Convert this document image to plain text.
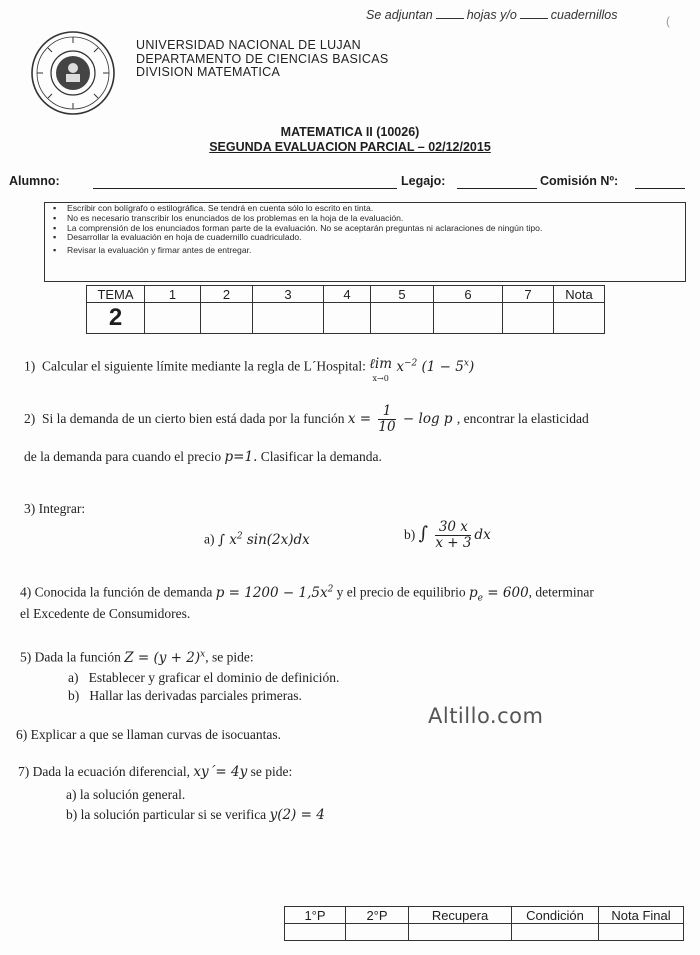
Se adjuntan	hojas y/o	cuadernillos	(
UNIVERSIDAD NACIONAL DE LUJAN
DEPARTAMENTO DE CIENCIAS BASICAS
DIVISION MATEMATICA
MATEMATICA II (10026)
SEGUNDA EVALUACION PARCIAL – 02/12/2015
Alumno:	Legajo:	Comisión Nº:
▪ Escribir con bolígrafo o estilográfica. Se tendrá en cuenta sólo lo escrito en tinta.
▪ No es necesario transcribir los enunciados de los problemas en la hoja de la evaluación.
▪ La comprensión de los enunciados forman parte de la evaluación. No se aceptarán preguntas ni aclaraciones de ningún tipo.
▪ Desarrollar la evaluación en hoja de cuadernillo cuadriculado.
▪ Revisar la evaluación y firmar antes de entregar.
TEMA	1	2	3	4	5	6	7	Nota
2								
1) Calcular el siguiente límite mediante la regla de L´Hospital: ℓim
x→0 $x^{-2}$ $(1 - 5^x)$
2) Si la demanda de un cierto bien está dada por la función $x = \frac{1}{10} - \log p$ , encontrar la elasticidad
de la demanda para cuando el precio p=1. Clasificar la demanda.
3) Integrar:
a) ∫ $x^2$ sin(2x)dx	b) ∫ $\frac{30 x}{x + 3}$ dx
4) Conocida la función de demanda $p = 1200 - 1,5x^2$ y el precio de equilibrio $p_e = 600$, determinar
el Excedente de Consumidores.
5) Dada la función $Z = (y + 2)^x$, se pide:
a) Establecer y graficar el dominio de definición.
b) Hallar las derivadas parciales primeras.
Altillo.com
6) Explicar a que se llaman curvas de isocuantas.
7) Dada la ecuación diferencial, xy´= 4y se pide:
a) la solución general.
b) la solución particular si se verifica y(2) = 4
1°P	2°P	Recupera	Condición	Nota Final
